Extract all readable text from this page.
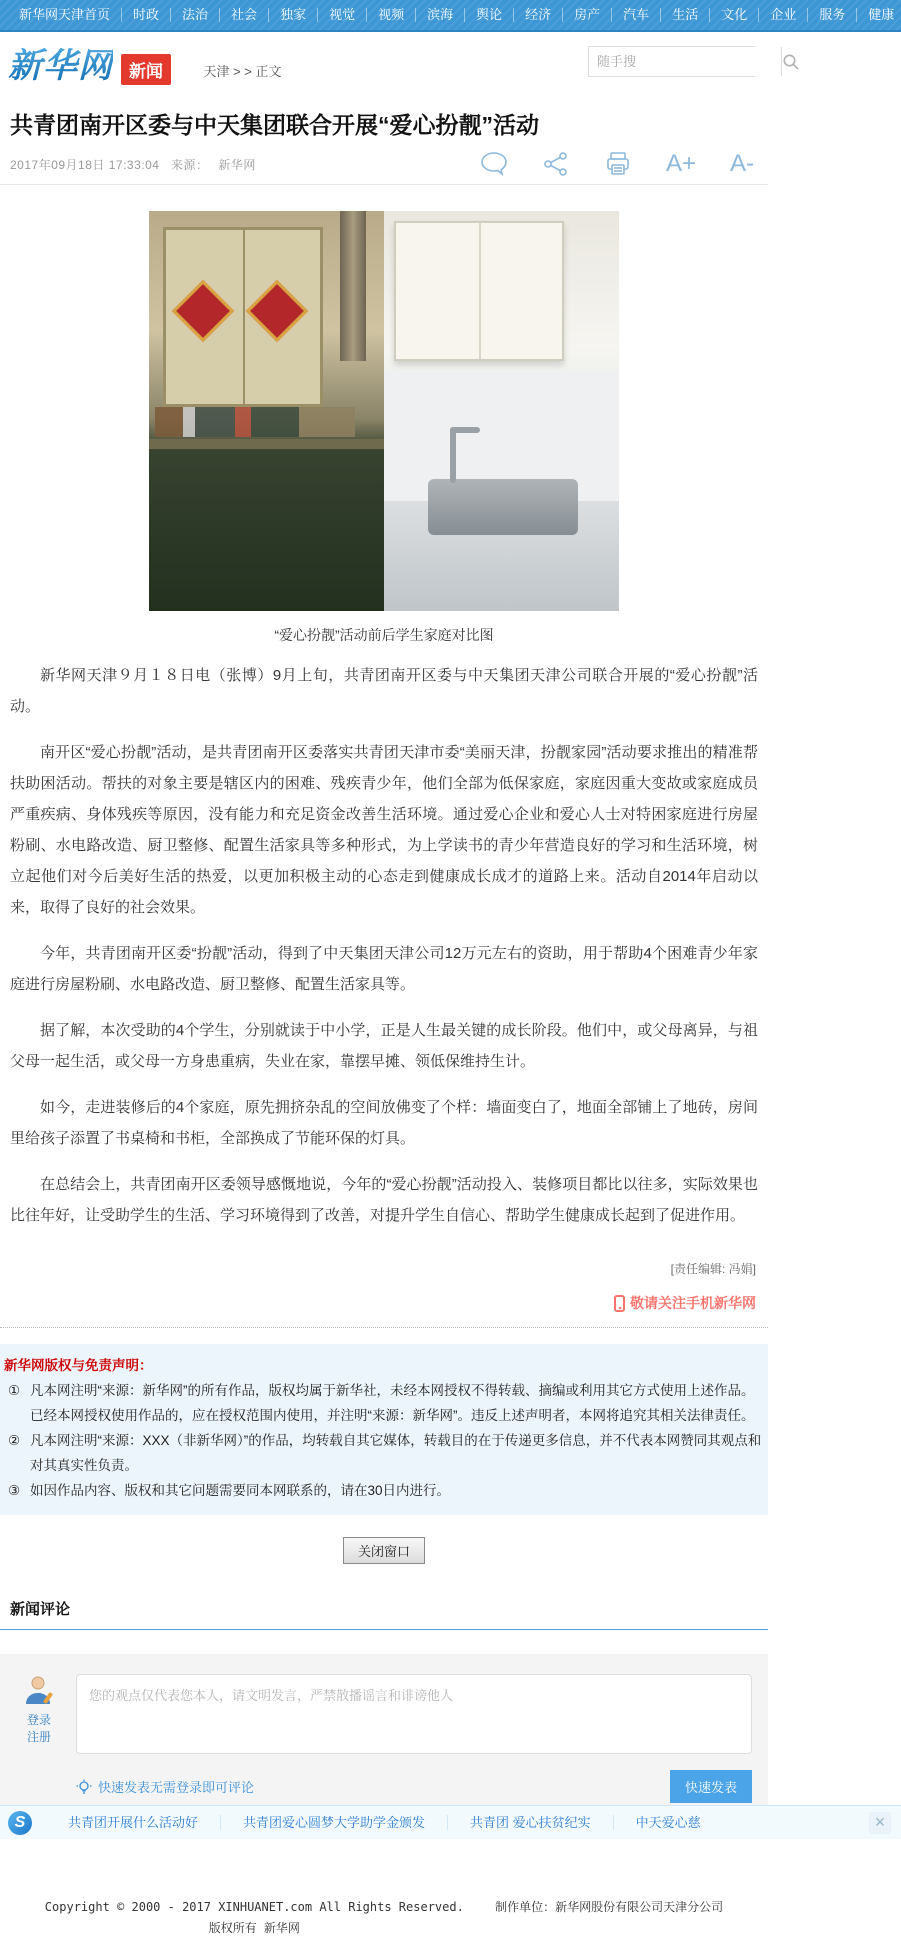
新华网天津首页	时政	法治	社会	独家	视觉	视频	滨海	舆论	经济	房产	汽车	生活	文化	企业	服务	健康
新华网 新闻	天津 > > 正文
随手搜
共青团南开区委与中天集团联合开展“爱心扮靓”活动
2017年09月18日 17:33:04 来源： 新华网	A+ A-
“爱心扮靓”活动前后学生家庭对比图

新华网天津９月１８日电（张博）9月上旬，共青团南开区委与中天集团天津公司联合开展的“爱心扮靓”活动。

南开区“爱心扮靓”活动，是共青团南开区委落实共青团天津市委“美丽天津，扮靓家园”活动要求推出的精准帮扶助困活动。帮扶的对象主要是辖区内的困难、残疾青少年，他们全部为低保家庭，家庭因重大变故或家庭成员严重疾病、身体残疾等原因，没有能力和充足资金改善生活环境。通过爱心企业和爱心人士对特困家庭进行房屋粉刷、水电路改造、厨卫整修、配置生活家具等多种形式，为上学读书的青少年营造良好的学习和生活环境，树立起他们对今后美好生活的热爱，以更加积极主动的心态走到健康成长成才的道路上来。活动自2014年启动以来，取得了良好的社会效果。

今年，共青团南开区委“扮靓”活动，得到了中天集团天津公司12万元左右的资助，用于帮助4个困难青少年家庭进行房屋粉刷、水电路改造、厨卫整修、配置生活家具等。

据了解，本次受助的4个学生，分别就读于中小学，正是人生最关键的成长阶段。他们中，或父母离异，与祖父母一起生活，或父母一方身患重病，失业在家，靠摆早摊、领低保维持生计。

如今，走进装修后的4个家庭，原先拥挤杂乱的空间放佛变了个样：墙面变白了，地面全部铺上了地砖，房间里给孩子添置了书桌椅和书柜，全部换成了节能环保的灯具。

在总结会上，共青团南开区委领导感慨地说，今年的“爱心扮靓”活动投入、装修项目都比以往多，实际效果也比往年好，让受助学生的生活、学习环境得到了改善，对提升学生自信心、帮助学生健康成长起到了促进作用。

[责任编辑: 冯娟]
敬请关注手机新华网
新华网版权与免责声明：
① 凡本网注明“来源：新华网”的所有作品，版权均属于新华社，未经本网授权不得转载、摘编或利用其它方式使用上述作品。已经本网授权使用作品的，应在授权范围内使用，并注明“来源：新华网”。违反上述声明者，本网将追究其相关法律责任。
② 凡本网注明“来源：XXX（非新华网）”的作品，均转载自其它媒体，转载目的在于传递更多信息，并不代表本网赞同其观点和对其真实性负责。
③ 如因作品内容、版权和其它问题需要同本网联系的，请在30日内进行。
关闭窗口
新闻评论
登录
注册
您的观点仅代表您本人，请文明发言，严禁散播谣言和诽谤他人
快速发表无需登录即可评论	快速发表
Copyright © 2000 - 2017 XINHUANET.com All Rights Reserved.
版权所有 新华网 制作单位：新华网股份有限公司天津分公司
S	共青团开展什么活动好	共青团爱心圆梦大学助学金颁发	共青团 爱心扶贫纪实	中天爱心慈	×
